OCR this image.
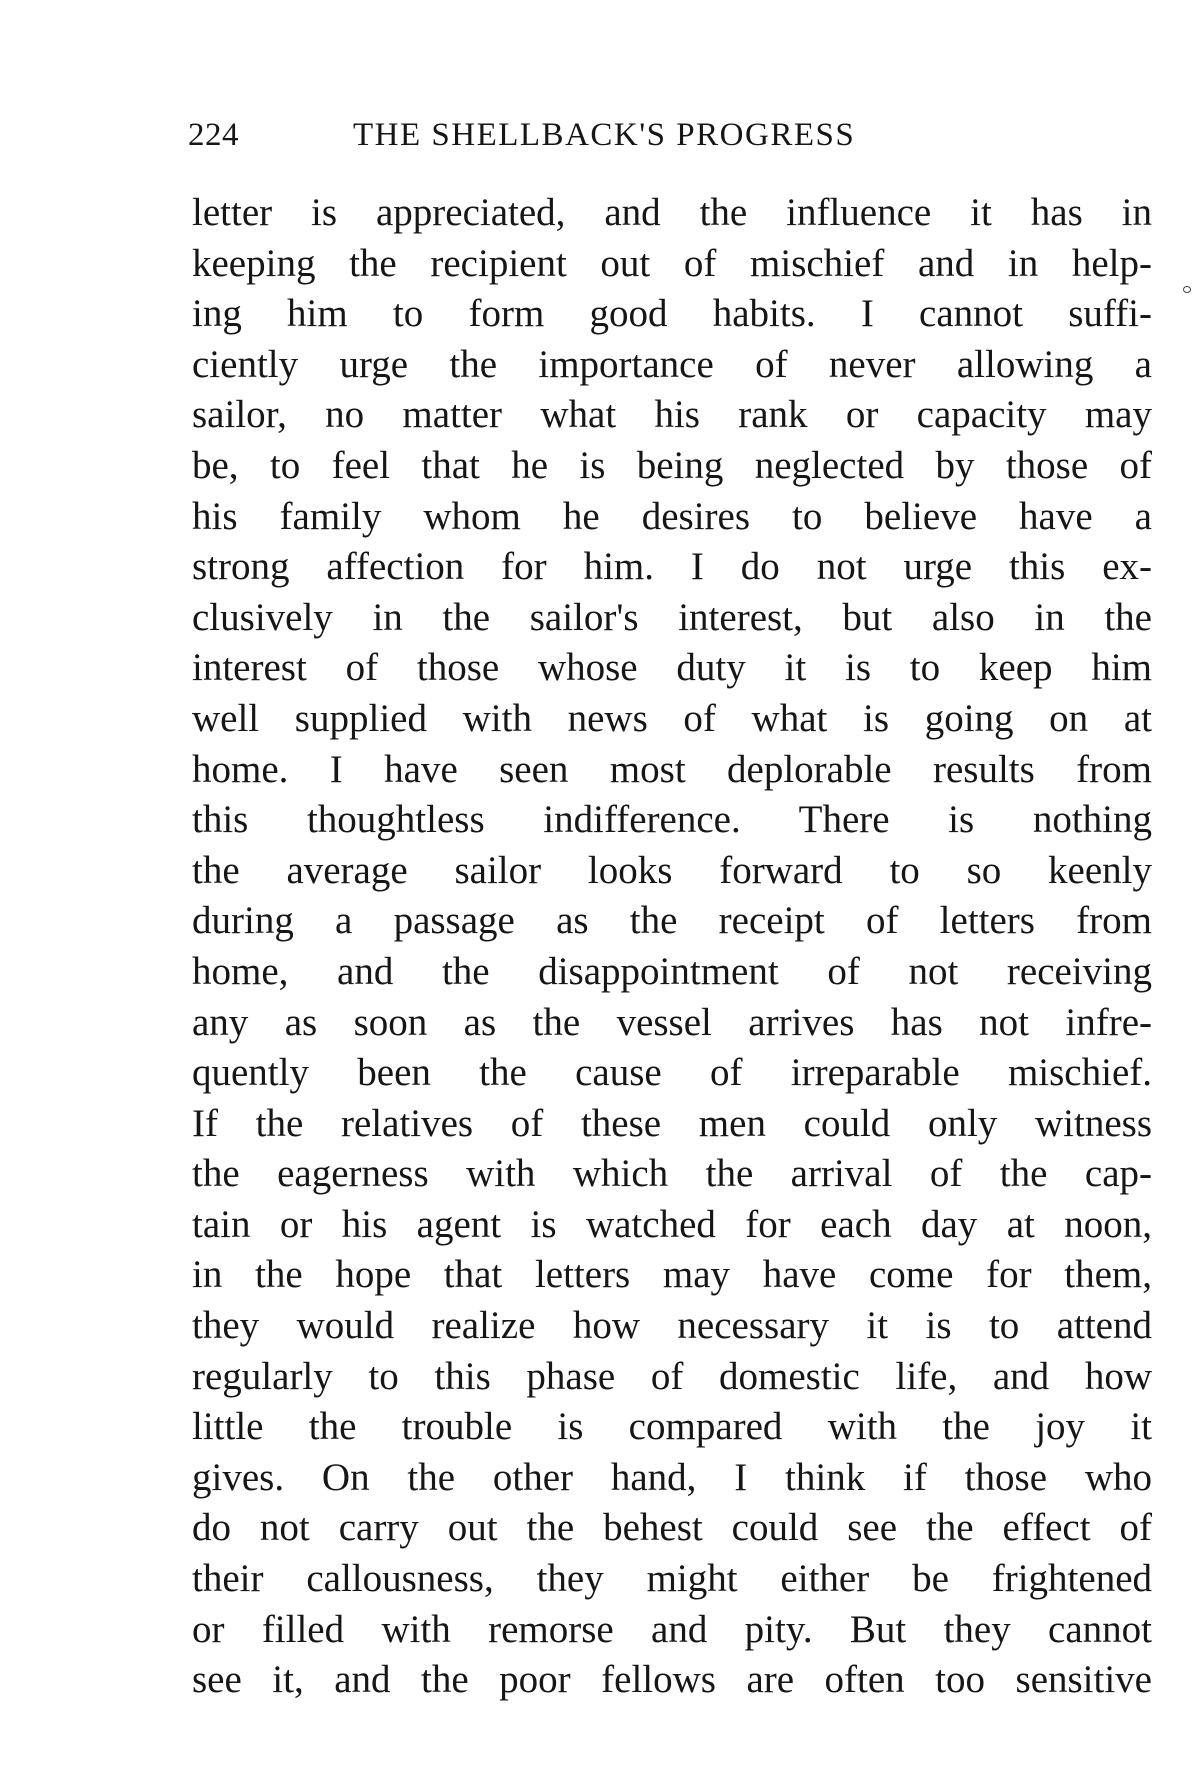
224	THE SHELLBACK'S PROGRESS
letter is appreciated, and the influence it has in
keeping the recipient out of mischief and in help-
ing him to form good habits. I cannot suffi-
ciently urge the importance of never allowing a
sailor, no matter what his rank or capacity may
be, to feel that he is being neglected by those of
his family whom he desires to believe have a
strong affection for him. I do not urge this ex-
clusively in the sailor's interest, but also in the
interest of those whose duty it is to keep him
well supplied with news of what is going on at
home. I have seen most deplorable results from
this thoughtless indifference. There is nothing
the average sailor looks forward to so keenly
during a passage as the receipt of letters from
home, and the disappointment of not receiving
any as soon as the vessel arrives has not infre-
quently been the cause of irreparable mischief.
If the relatives of these men could only witness
the eagerness with which the arrival of the cap-
tain or his agent is watched for each day at noon,
in the hope that letters may have come for them,
they would realize how necessary it is to attend
regularly to this phase of domestic life, and how
little the trouble is compared with the joy it
gives. On the other hand, I think if those who
do not carry out the behest could see the effect of
their callousness, they might either be frightened
or filled with remorse and pity. But they cannot
see it, and the poor fellows are often too sensitive
